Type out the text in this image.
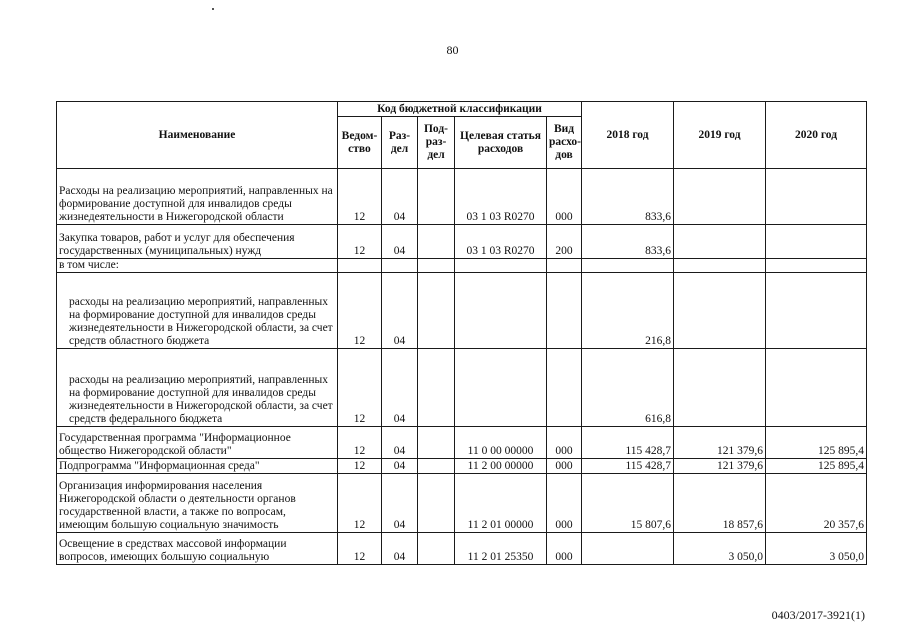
80
Наименование	Код бюджетной классификации					2018 год	2019 год	2020 год
	Ведом-ство	Раз-дел	Под-раз-дел	Целевая статья расходов	Вид расхо-дов			
Расходы на реализацию мероприятий, направленных на формирование доступной для инвалидов среды жизнедеятельности в Нижегородской области	12	04		03 1 03 R0270	000	833,6		
Закупка товаров, работ и услуг для обеспечения государственных (муниципальных) нужд	12	04		03 1 03 R0270	200	833,6		
в том числе:								
расходы на реализацию мероприятий, направленных на формирование доступной для инвалидов среды жизнедеятельности в Нижегородской области, за счет средств областного бюджета	12	04				216,8		
расходы на реализацию мероприятий, направленных на формирование доступной для инвалидов среды жизнедеятельности в Нижегородской области, за счет средств федерального бюджета	12	04				616,8		
Государственная программа "Информационное общество Нижегородской области"	12	04		11 0 00 00000	000	115 428,7	121 379,6	125 895,4
Подпрограмма "Информационная среда"	12	04		11 2 00 00000	000	115 428,7	121 379,6	125 895,4
Организация информирования населения Нижегородской области о деятельности органов государственной власти, а также по вопросам, имеющим большую социальную значимость	12	04		11 2 01 00000	000	15 807,6	18 857,6	20 357,6
Освещение в средствах массовой информации вопросов, имеющих большую социальную	12	04		11 2 01 25350	000		3 050,0	3 050,0
0403/2017-3921(1)
